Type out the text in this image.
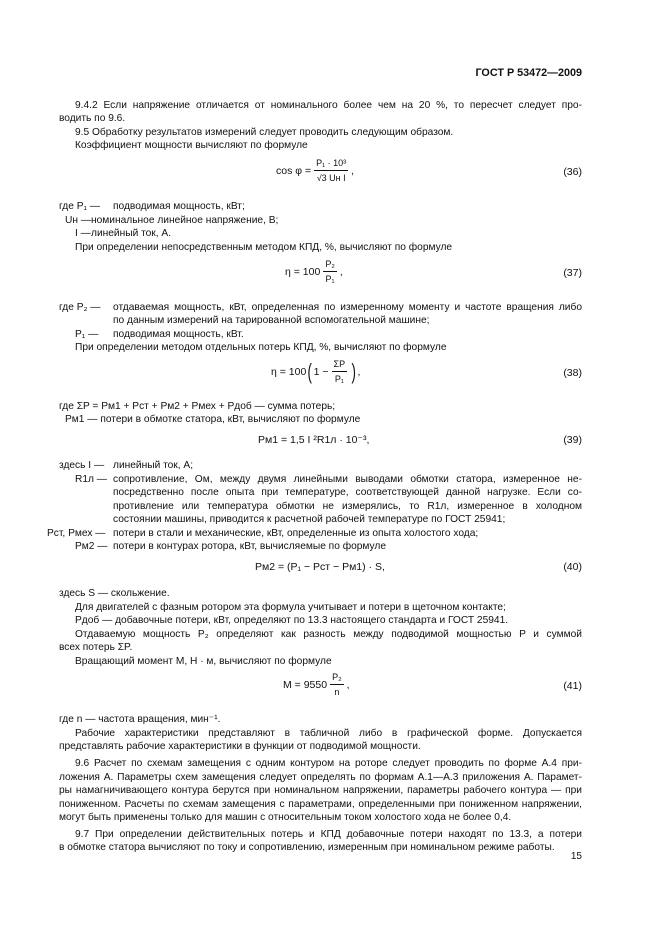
ГОСТ Р 53472—2009
9.4.2 Если напряжение отличается от номинального более чем на 20 %, то пересчет следует про-
водить по 9.6.
9.5 Обработку результатов измерений следует проводить следующим образом.
Коэффициент мощности вычисляют по формуле
$\cos \varphi = \frac{\text{P₁ · 10³}}{\text{√3 Uн I}}$ ,	(36)
где P₁ — подводимая мощность, кВт;
Uн — номинальное линейное напряжение, В;
I — линейный ток, А.
При определении непосредственным методом КПД, %, вычисляют по формуле
$\eta = 100 \frac{\text{P₂}}{\text{P₁}}$ ,	(37)
где P₂ — отдаваемая мощность, кВт, определенная по измеренному моменту и частоте вращения либо
по данным измерений на тарированной вспомогательной машине;
P₁ — подводимая мощность, кВт.
При определении методом отдельных потерь КПД, %, вычисляют по формуле
η = 100 ( $1 - \frac{\Sigma P}{\text{P₁}}$ ) ,	(38)
где ΣP = Pм1 + Pст + Pм2 + Pмех + Pдоб — сумма потерь;
Pм1 — потери в обмотке статора, кВт, вычисляют по формуле
Pм1 = 1,5 I ²R1л · 10⁻³,	(39)
здесь I — линейный ток, А;
R1л — сопротивление, Ом, между двумя линейными выводами обмотки статора, измеренное не-
посредственно после опыта при температуре, соответствующей данной нагрузке. Если со-
противление или температура обмотки не измерялись, то R1л, измеренное в холодном
состоянии машины, приводится к расчетной рабочей температуре по ГОСТ 25941;
Pст, Pмех — потери в стали и механические, кВт, определенные из опыта холостого хода;
Pм2 — потери в контурах ротора, кВт, вычисляемые по формуле
Pм2 = (P₁ − Pст − Pм1) · S,	(40)
здесь S — скольжение.
Для двигателей с фазным ротором эта формула учитывает и потери в щеточном контакте;
Pдоб — добавочные потери, кВт, определяют по 13.3 настоящего стандарта и ГОСТ 25941.
Отдаваемую мощность P₂ определяют как разность между подводимой мощностью P и суммой
всех потерь ΣP.
Вращающий момент M, Н · м, вычисляют по формуле
$M = 9550 \frac{\text{P₂}}{n}$ ,	(41)
где n — частота вращения, мин⁻¹.
Рабочие характеристики представляют в табличной либо в графической форме. Допускается
представлять рабочие характеристики в функции от подводимой мощности.
9.6 Расчет по схемам замещения с одним контуром на роторе следует проводить по форме А.4 при-
ложения А. Параметры схем замещения следует определять по формам А.1—А.3 приложения А. Парамет-
ры намагничивающего контура берутся при номинальном напряжении, параметры рабочего контура — при
пониженном. Расчеты по схемам замещения с параметрами, определенными при пониженном напряжении,
могут быть применены только для машин с относительным током холостого хода не более 0,4.
9.7 При определении действительных потерь и КПД добавочные потери находят по 13.3, а потери
в обмотке статора вычисляют по току и сопротивлению, измеренным при номинальном режиме работы.
15
